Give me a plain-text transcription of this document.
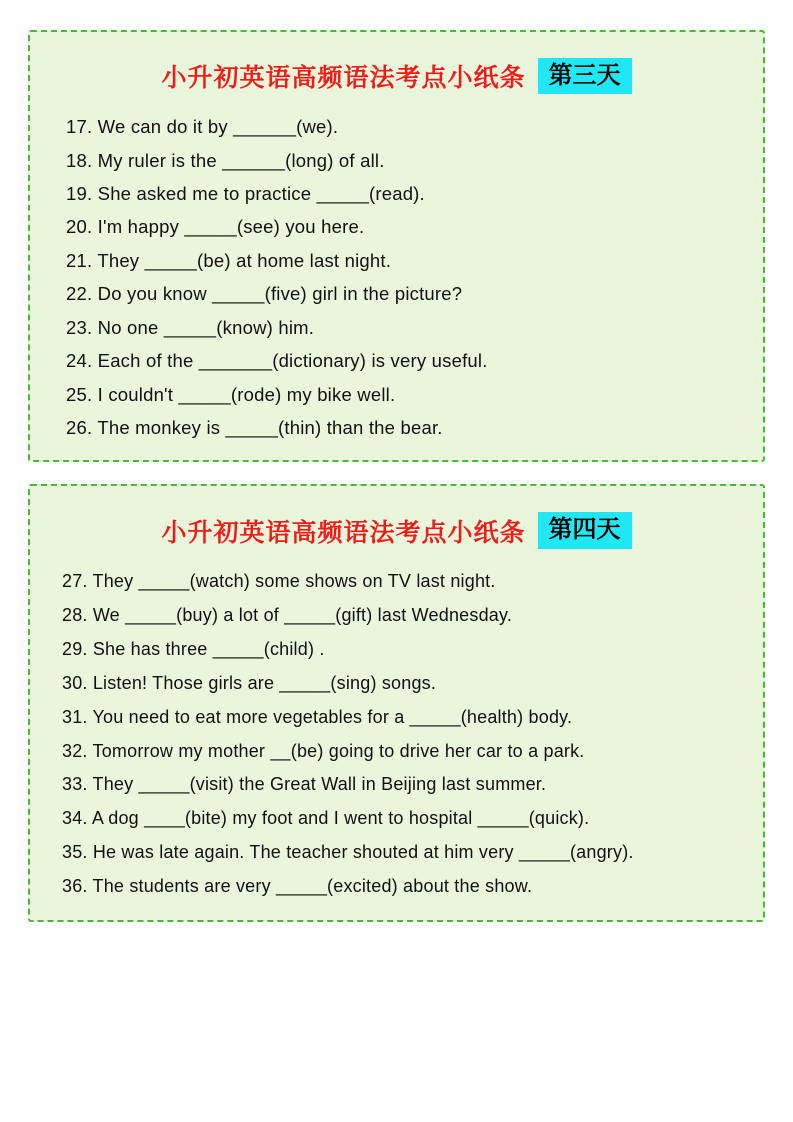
小升初英语高频语法考点小纸条 第三天
17. We can do it by ______(we).
18. My ruler is the ______(long) of all.
19. She asked me to practice _____(read).
20. I'm happy _____(see) you here.
21. They _____(be) at home last night.
22. Do you know _____(five) girl in the picture?
23. No one _____(know) him.
24. Each of the _______(dictionary) is very useful.
25. I couldn't _____(rode) my bike well.
26. The monkey is _____(thin) than the bear.
小升初英语高频语法考点小纸条 第四天
27. They _____(watch) some shows on TV last night.
28. We _____(buy) a lot of _____(gift) last Wednesday.
29. She has three _____(child) .
30. Listen! Those girls are _____(sing) songs.
31. You need to eat more vegetables for a _____(health) body.
32. Tomorrow my mother __(be) going to drive her car to a park.
33. They _____(visit) the Great Wall in Beijing last summer.
34. A dog ____(bite) my foot and I went to hospital _____(quick).
35. He was late again. The teacher shouted at him very _____(angry).
36. The students are very _____(excited) about the show.
